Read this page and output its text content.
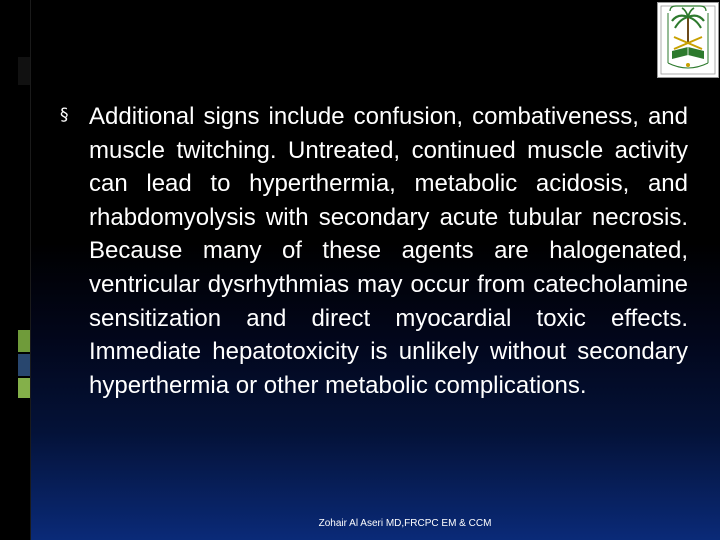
§ Additional signs include confusion, combativeness, and muscle twitching. Untreated, continued muscle activity can lead to hyperthermia, metabolic acidosis, and rhabdomyolysis with secondary acute tubular necrosis. Because many of these agents are halogenated, ventricular dysrhythmias may occur from catecholamine sensitization and direct myocardial toxic effects. Immediate hepatotoxicity is unlikely without secondary hyperthermia or other metabolic complications.

Zohair Al Aseri MD,FRCPC EM & CCM
